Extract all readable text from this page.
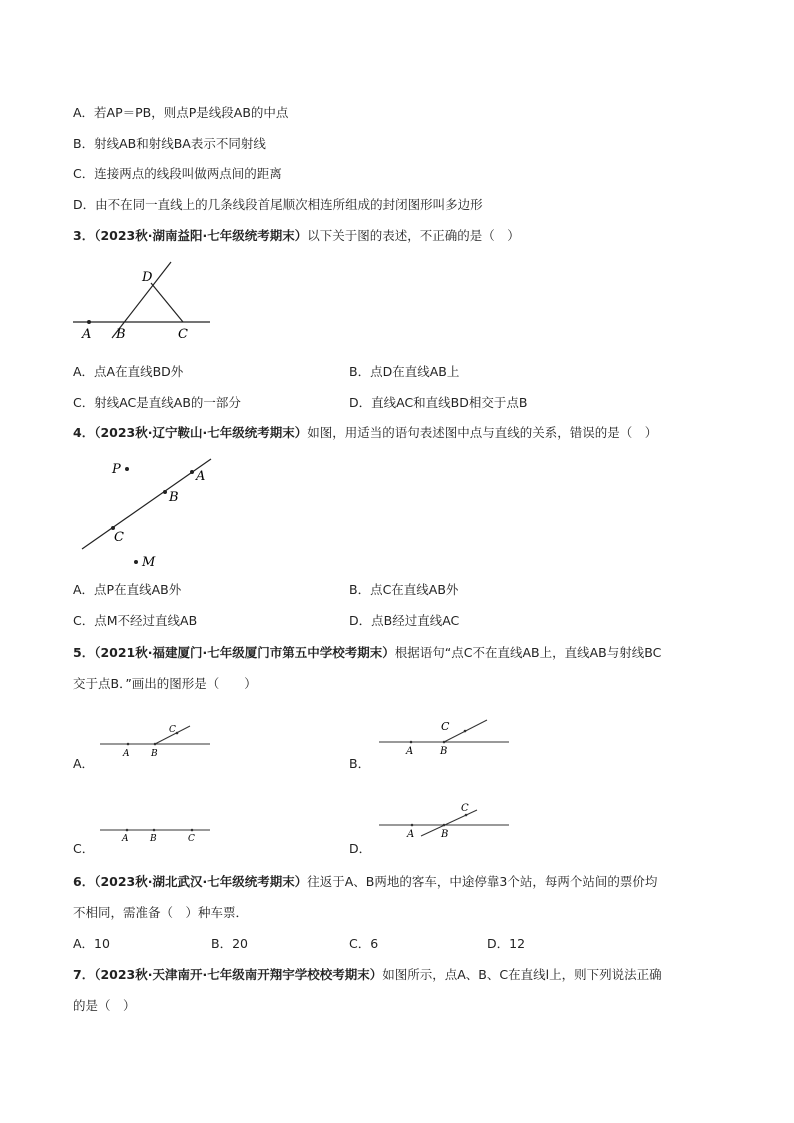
A．若AP＝PB，则点P是线段AB的中点
B．射线AB和射线BA表示不同射线
C．连接两点的线段叫做两点间的距离
D．由不在同一直线上的几条线段首尾顺次相连所组成的封闭图形叫多边形
3．（2023秋·湖南益阳·七年级统考期末）以下关于图的表述，不正确的是（　）
D
A B	C
A．点A在直线BD外	B．点D在直线AB上
C．射线AC是直线AB的一部分	D．直线AC和直线BD相交于点B
4．（2023秋·辽宁鞍山·七年级统考期末）如图，用适当的语句表述图中点与直线的关系，错误的是（　）
P	A
B
C
M
A．点P在直线AB外	B．点C在直线AB外
C．点M不经过直线AB	D．点B经过直线AC
5．（2021秋·福建厦门·七年级厦门市第五中学校考期末）根据语句“点C不在直线AB上，直线AB与射线BC
交于点B．”画出的图形是（　　）
A B
C
A．
A	B
C
B．
A B	C
C．
A	B
C
D．
6．（2023秋·湖北武汉·七年级统考期末）往返于A、B两地的客车，中途停靠3个站，每两个站间的票价均
不相同，需准备（　）种车票．
A．10	B．20	C．6	D．12
7．（2023秋·天津南开·七年级南开翔宇学校校考期末）如图所示，点A、B、C在直线l上，则下列说法正确
的是（　）
